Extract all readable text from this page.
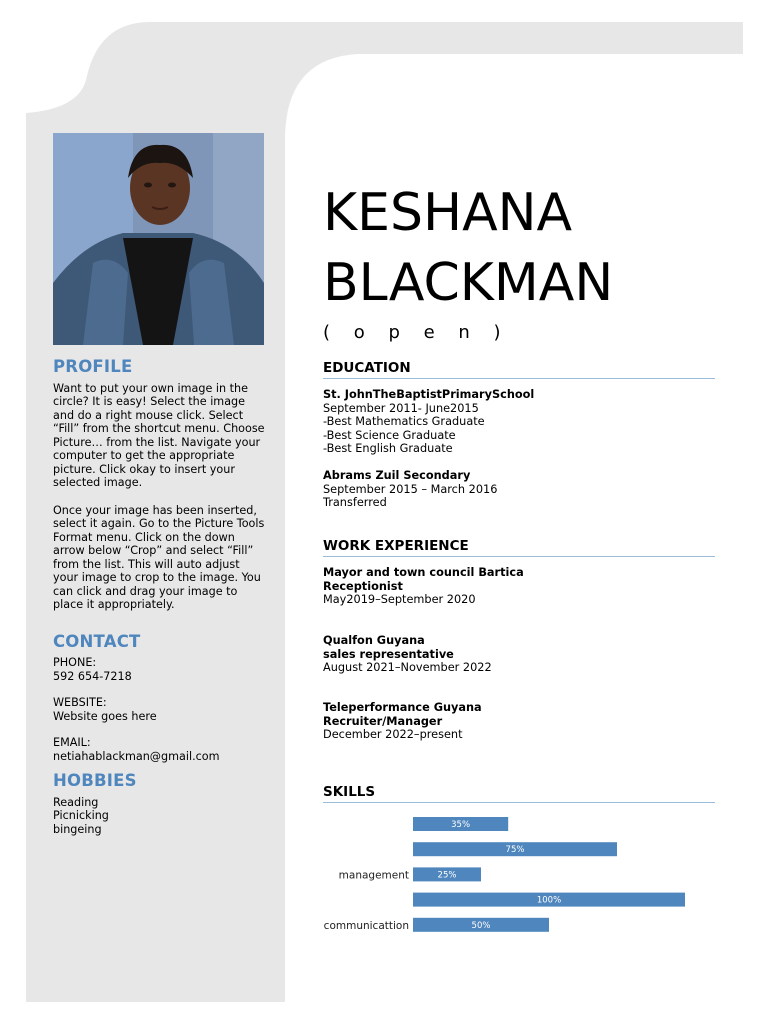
PROFILE

Want to put your own image in the circle? It is easy! Select the image and do a right mouse click. Select “Fill” from the shortcut menu. Choose Picture… from the list. Navigate your computer to get the appropriate picture. Click okay to insert your selected image.

Once your image has been inserted, select it again. Go to the Picture Tools Format menu. Click on the down arrow below “Crop” and select “Fill” from the list. This will auto adjust your image to crop to the image. You can click and drag your image to place it appropriately.

CONTACT

PHONE:

592 654-7218

WEBSITE:

Website goes here

EMAIL:

netiahablackman@gmail.com

HOBBIES

Reading

Picnicking

bingeing

KESHANA
BLACKMAN
( o p e n )
EDUCATION
St. JohnTheBaptistPrimarySchool
September 2011- June2015
-Best Mathematics Graduate
-Best Science Graduate
-Best English Graduate
Abrams Zuil Secondary
September 2015 – March 2016
Transferred
WORK EXPERIENCE
Mayor and town council Bartica
Receptionist
May2019–September 2020
Qualfon Guyana
sales representative
August 2021–November 2022
Teleperformance Guyana
Recruiter/Manager
December 2022–present
SKILLS
35%
75%
25%
management
100%
50%
communicattion
